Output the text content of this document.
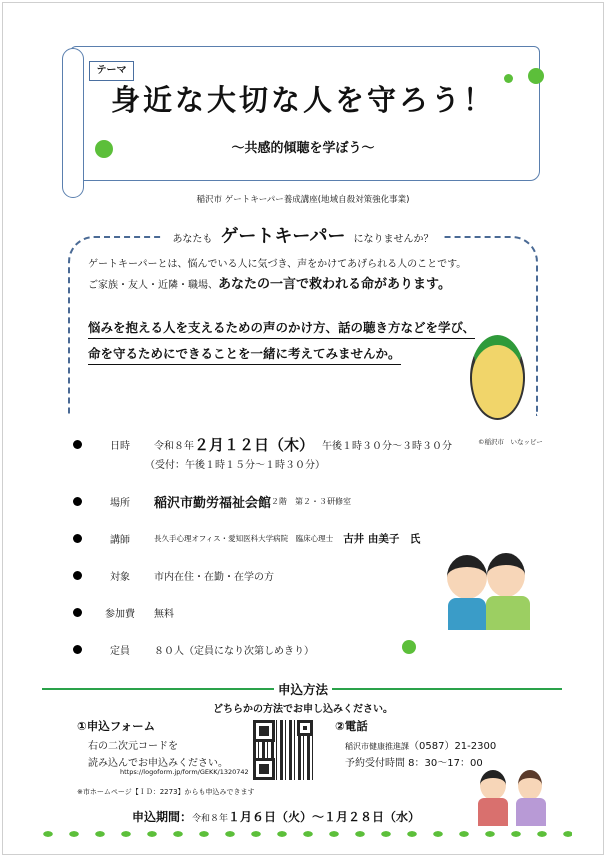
テーマ
身近な大切な人を守ろう！
～共感的傾聴を学ぼう～
稲沢市 ゲートキーパー養成講座(地域自殺対策強化事業)
あなたも ゲートキーパー になりませんか？
ゲートキーパーとは、悩んでいる人に気づき、声をかけてあげられる人のことです。
ご家族・友人・近隣・職場、あなたの一言で救われる命があります。
悩みを抱える人を支えるための声のかけ方、話の聴き方などを学び、
命を守るためにできることを一緒に考えてみませんか。
©稲沢市　いなッピー
日時	令和８年 ２月１２日（木） 午後１時３０分～３時３０分
（受付：午後１時１５分～１時３０分）
場所	稲沢市勤労福祉会館 ２階　第２・３研修室
講師	長久手心理オフィス・愛知医科大学病院　臨床心理士 古井 由美子　氏
対象	市内在住・在勤・在学の方
参加費	無料
定員	８０人（定員になり次第しめきり）
申込方法
どちらかの方法でお申し込みください。
①申込フォーム
右の二次元コードを
読み込んでお申込みください。
https://logoform.jp/form/GEKK/1320742
②電話
稲沢市健康推進課（0587）21-2300
予約受付時間 8：30～17：00
※市ホームページ【ＩＤ：2273】からも申込みできます
申込期間：令和８年１月６日（火）～１月２８日（水）
